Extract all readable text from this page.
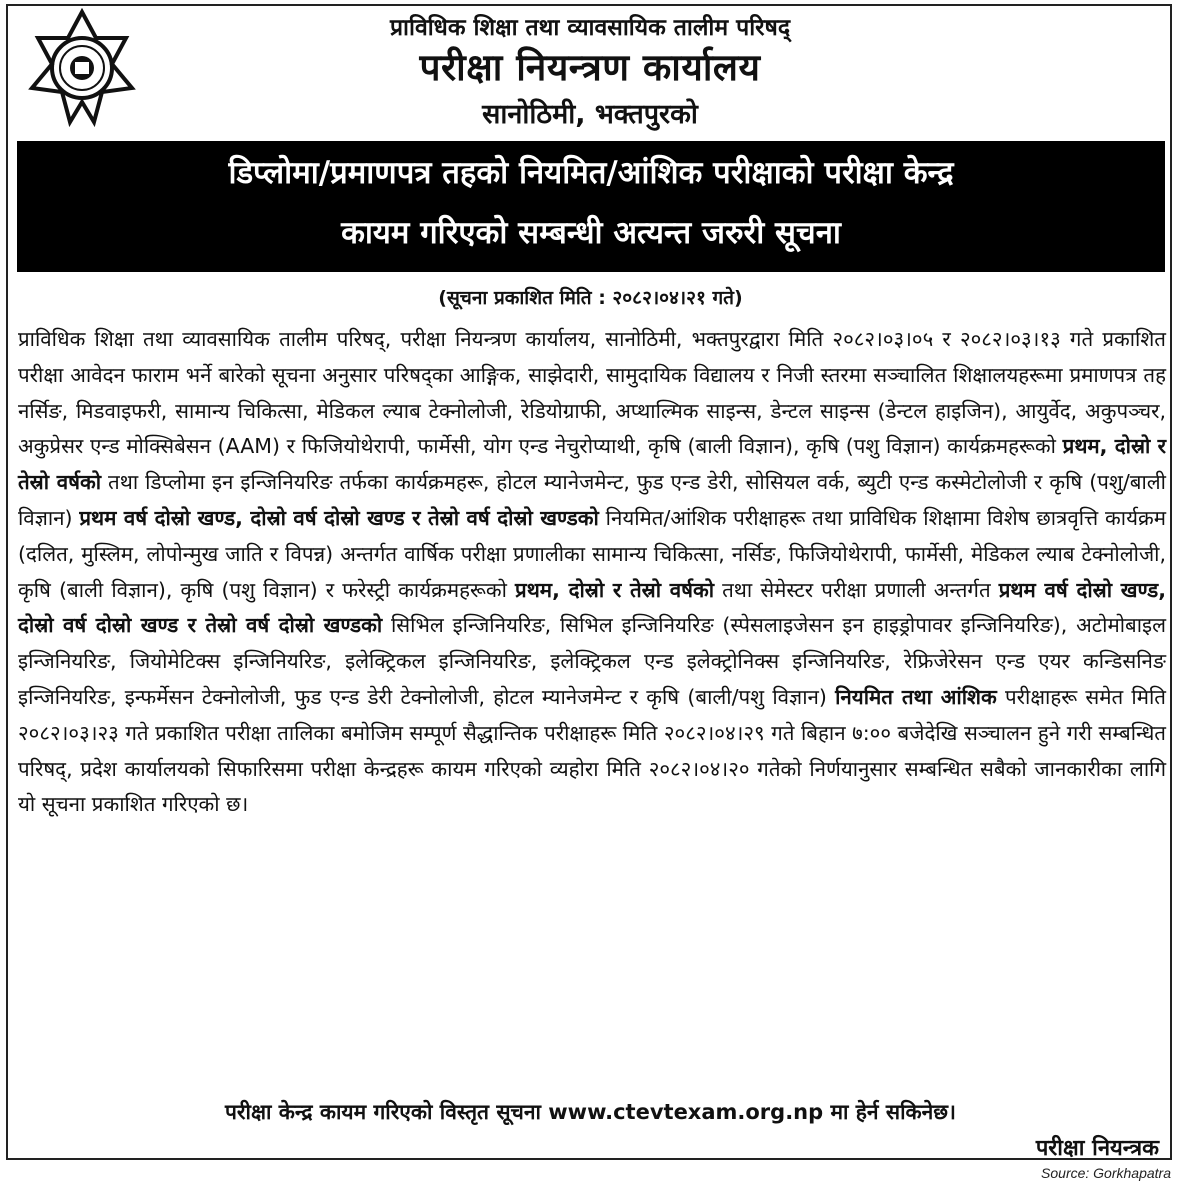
प्राविधिक शिक्षा तथा व्यावसायिक तालीम परिषद्
परीक्षा नियन्त्रण कार्यालय
सानोठिमी, भक्तपुरको
डिप्लोमा/प्रमाणपत्र तहको नियमित/आंशिक परीक्षाको परीक्षा केन्द्र
कायम गरिएको सम्बन्धी अत्यन्त जरुरी सूचना
(सूचना प्रकाशित मिति : २०८२।०४।२१ गते)
प्राविधिक शिक्षा तथा व्यावसायिक तालीम परिषद्, परीक्षा नियन्त्रण कार्यालय, सानोठिमी, भक्तपुरद्वारा मिति २०८२।०३।०५ र २०८२।०३।१३ गते प्रकाशित परीक्षा आवेदन फाराम भर्ने बारेको सूचना अनुसार परिषद्का आङ्गिक, साझेदारी, सामुदायिक विद्यालय र निजी स्तरमा सञ्चालित शिक्षालयहरूमा प्रमाणपत्र तह नर्सिङ, मिडवाइफरी, सामान्य चिकित्सा, मेडिकल ल्याब टेक्नोलोजी, रेडियोग्राफी, अप्थाल्मिक साइन्स, डेन्टल साइन्स (डेन्टल हाइजिन), आयुर्वेद, अकुपञ्चर, अकुप्रेसर एन्ड मोक्सिबेसन (AAM) र फिजियोथेरापी, फार्मेसी, योग एन्ड नेचुरोप्याथी, कृषि (बाली विज्ञान), कृषि (पशु विज्ञान) कार्यक्रमहरूको प्रथम, दोस्रो र तेस्रो वर्षको तथा डिप्लोमा इन इन्जिनियरिङ तर्फका कार्यक्रमहरू, होटल म्यानेजमेन्ट, फुड एन्ड डेरी, सोसियल वर्क, ब्युटी एन्ड कस्मेटोलोजी र कृषि (पशु/बाली विज्ञान) प्रथम वर्ष दोस्रो खण्ड, दोस्रो वर्ष दोस्रो खण्ड र तेस्रो वर्ष दोस्रो खण्डको नियमित/आंशिक परीक्षाहरू तथा प्राविधिक शिक्षामा विशेष छात्रवृत्ति कार्यक्रम (दलित, मुस्लिम, लोपोन्मुख जाति र विपन्न) अन्तर्गत वार्षिक परीक्षा प्रणालीका सामान्य चिकित्सा, नर्सिङ, फिजियोथेरापी, फार्मेसी, मेडिकल ल्याब टेक्नोलोजी, कृषि (बाली विज्ञान), कृषि (पशु विज्ञान) र फरेस्ट्री कार्यक्रमहरूको प्रथम, दोस्रो र तेस्रो वर्षको तथा सेमेस्टर परीक्षा प्रणाली अन्तर्गत प्रथम वर्ष दोस्रो खण्ड, दोस्रो वर्ष दोस्रो खण्ड र तेस्रो वर्ष दोस्रो खण्डको सिभिल इन्जिनियरिङ, सिभिल इन्जिनियरिङ (स्पेसलाइजेसन इन हाइड्रोपावर इन्जिनियरिङ), अटोमोबाइल इन्जिनियरिङ, जियोमेटिक्स इन्जिनियरिङ, इलेक्ट्रिकल इन्जिनियरिङ, इलेक्ट्रिकल एन्ड इलेक्ट्रोनिक्स इन्जिनियरिङ, रेफ्रिजेरेसन एन्ड एयर कन्डिसनिङ इन्जिनियरिङ, इन्फर्मेसन टेक्नोलोजी, फुड एन्ड डेरी टेक्नोलोजी, होटल म्यानेजमेन्ट र कृषि (बाली/पशु विज्ञान) नियमित तथा आंशिक परीक्षाहरू समेत मिति २०८२।०३।२३ गते प्रकाशित परीक्षा तालिका बमोजिम सम्पूर्ण सैद्धान्तिक परीक्षाहरू मिति २०८२।०४।२९ गते बिहान ७:०० बजेदेखि सञ्चालन हुने गरी सम्बन्धित परिषद्, प्रदेश कार्यालयको सिफारिसमा परीक्षा केन्द्रहरू कायम गरिएको व्यहोरा मिति २०८२।०४।२० गतेको निर्णयानुसार सम्बन्धित सबैको जानकारीका लागि यो सूचना प्रकाशित गरिएको छ।
परीक्षा केन्द्र कायम गरिएको विस्तृत सूचना www.ctevtexam.org.np मा हेर्न सकिनेछ।
परीक्षा नियन्त्रक
Source: Gorkhapatra
